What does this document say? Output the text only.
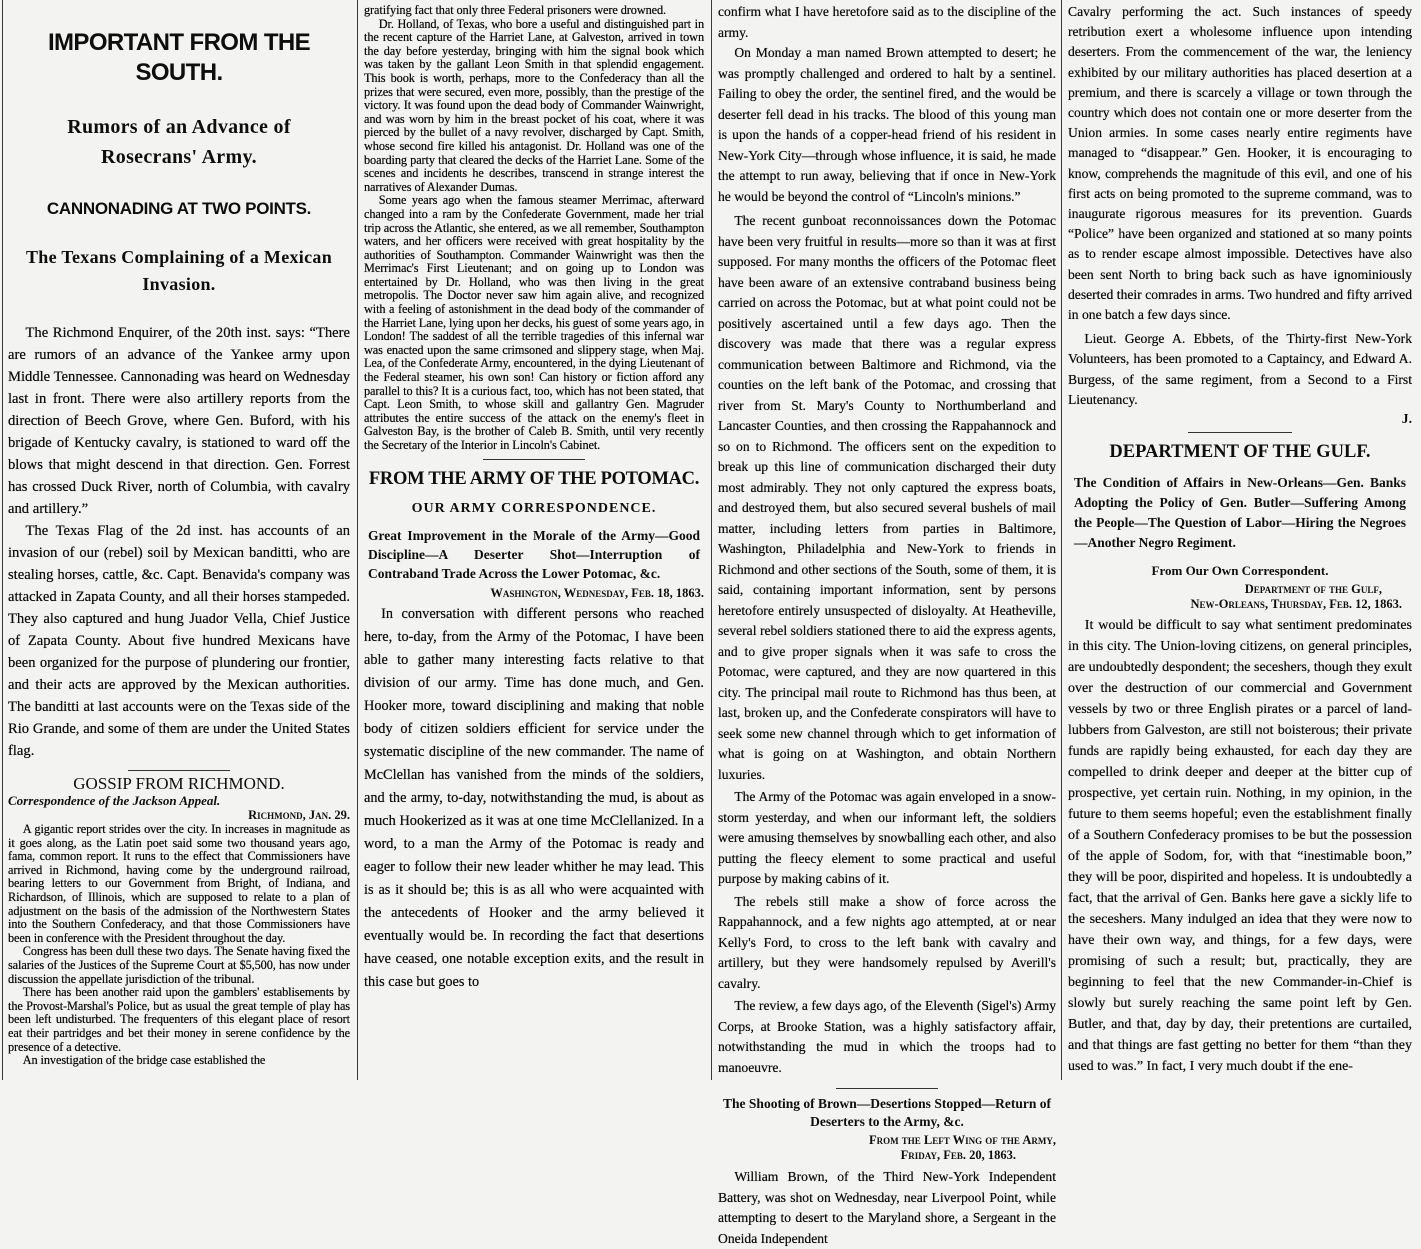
IMPORTANT FROM THE SOUTH.
Rumors of an Advance of Rosecrans' Army.
CANNONADING AT TWO POINTS.
The Texans Complaining of a Mexican Invasion.

The Richmond Enquirer, of the 20th inst. says: “There are rumors of an advance of the Yankee army upon Middle Tennessee. Cannonading was heard on Wednesday last in front. There were also artillery reports from the direction of Beech Grove, where Gen. Buford, with his brigade of Kentucky cavalry, is stationed to ward off the blows that might descend in that direction. Gen. Forrest has crossed Duck River, north of Columbia, with cavalry and artillery.”

The Texas Flag of the 2d inst. has accounts of an invasion of our (rebel) soil by Mexican banditti, who are stealing horses, cattle, &c. Capt. Benavida's company was attacked in Zapata County, and all their horses stampeded. They also captured and hung Juador Vella, Chief Justice of Zapata County. About five hundred Mexicans have been organized for the purpose of plundering our frontier, and their acts are approved by the Mexican authorities. The banditti at last accounts were on the Texas side of the Rio Grande, and some of them are under the United States flag.

GOSSIP FROM RICHMOND.
Correspondence of the Jackson Appeal.
Richmond, Jan. 29.

A gigantic report strides over the city. In increases in magnitude as it goes along, as the Latin poet said some two thousand years ago, fama, common report. It runs to the effect that Commissioners have arrived in Richmond, having come by the underground railroad, bearing letters to our Government from Bright, of Indiana, and Richardson, of Illinois, which are supposed to relate to a plan of adjustment on the basis of the admission of the Northwestern States into the Southern Confederacy, and that those Commissioners have been in conference with the President throughout the day.

Congress has been dull these two days. The Senate having fixed the salaries of the Justices of the Supreme Court at $5,500, has now under discussion the appellate jurisdiction of the tribunal.

There has been another raid upon the gamblers' establisements by the Provost-Marshal's Police, but as usual the great temple of play has been left undisturbed. The frequenters of this elegant place of resort eat their partridges and bet their money in serene confidence by the presence of a detective.

An investigation of the bridge case established the

gratifying fact that only three Federal prisoners were drowned.

Dr. Holland, of Texas, who bore a useful and distinguished part in the recent capture of the Harriet Lane, at Galveston, arrived in town the day before yesterday, bringing with him the signal book which was taken by the gallant Leon Smith in that splendid engagement. This book is worth, perhaps, more to the Confederacy than all the prizes that were secured, even more, possibly, than the prestige of the victory. It was found upon the dead body of Commander Wainwright, and was worn by him in the breast pocket of his coat, where it was pierced by the bullet of a navy revolver, discharged by Capt. Smith, whose second fire killed his antagonist. Dr. Holland was one of the boarding party that cleared the decks of the Harriet Lane. Some of the scenes and incidents he describes, transcend in strange interest the narratives of Alexander Dumas.

Some years ago when the famous steamer Merrimac, afterward changed into a ram by the Confederate Government, made her trial trip across the Atlantic, she entered, as we all remember, Southampton waters, and her officers were received with great hospitality by the authorities of Southampton. Commander Wainwright was then the Merrimac's First Lieutenant; and on going up to London was entertained by Dr. Holland, who was then living in the great metropolis. The Doctor never saw him again alive, and recognized with a feeling of astonishment in the dead body of the commander of the Harriet Lane, lying upon her decks, his guest of some years ago, in London! The saddest of all the terrible tragedies of this infernal war was enacted upon the same crimsoned and slippery stage, when Maj. Lea, of the Confederate Army, encountered, in the dying Lieutenant of the Federal steamer, his own son! Can history or fiction afford any parallel to this? It is a curious fact, too, which has not been stated, that Capt. Leon Smith, to whose skill and gallantry Gen. Magruder attributes the entire success of the attack on the enemy's fleet in Galveston Bay, is the brother of Caleb B. Smith, until very recently the Secretary of the Interior in Lincoln's Cabinet.

FROM THE ARMY OF THE POTOMAC.
OUR ARMY CORRESPONDENCE.
Great Improvement in the Morale of the Army—Good Discipline—A Deserter Shot—Interruption of Contraband Trade Across the Lower Potomac, &c.
Washington, Wednesday, Feb. 18, 1863.

In conversation with different persons who reached here, to-day, from the Army of the Potomac, I have been able to gather many interesting facts relative to that division of our army. Time has done much, and Gen. Hooker more, toward disciplining and making that noble body of citizen soldiers efficient for service under the systematic discipline of the new commander. The name of McClellan has vanished from the minds of the soldiers, and the army, to-day, notwithstanding the mud, is about as much Hookerized as it was at one time McClellanized. In a word, to a man the Army of the Potomac is ready and eager to follow their new leader whither he may lead. This is as it should be; this is as all who were acquainted with the antecedents of Hooker and the army believed it eventually would be. In recording the fact that desertions have ceased, one notable exception exits, and the result in this case but goes to

confirm what I have heretofore said as to the discipline of the army.

On Monday a man named Brown attempted to desert; he was promptly challenged and ordered to halt by a sentinel. Failing to obey the order, the sentinel fired, and the would be deserter fell dead in his tracks. The blood of this young man is upon the hands of a copper-head friend of his resident in New-York City—through whose influence, it is said, he made the attempt to run away, believing that if once in New-York he would be beyond the control of “Lincoln's minions.”

The recent gunboat reconnoissances down the Potomac have been very fruitful in results—more so than it was at first supposed. For many months the officers of the Potomac fleet have been aware of an extensive contraband business being carried on across the Potomac, but at what point could not be positively ascertained until a few days ago. Then the discovery was made that there was a regular express communication between Baltimore and Richmond, via the counties on the left bank of the Potomac, and crossing that river from St. Mary's County to Northumberland and Lancaster Counties, and then crossing the Rappahannock and so on to Richmond. The officers sent on the expedition to break up this line of communication discharged their duty most admirably. They not only captured the express boats, and destroyed them, but also secured several bushels of mail matter, including letters from parties in Baltimore, Washington, Philadelphia and New-York to friends in Richmond and other sections of the South, some of them, it is said, containing important information, sent by persons heretofore entirely unsuspected of disloyalty. At Heatheville, several rebel soldiers stationed there to aid the express agents, and to give proper signals when it was safe to cross the Potomac, were captured, and they are now quartered in this city. The principal mail route to Richmond has thus been, at last, broken up, and the Confederate conspirators will have to seek some new channel through which to get information of what is going on at Washington, and obtain Northern luxuries.

The Army of the Potomac was again enveloped in a snow-storm yesterday, and when our informant left, the soldiers were amusing themselves by snowballing each other, and also putting the fleecy element to some practical and useful purpose by making cabins of it.

The rebels still make a show of force across the Rappahannock, and a few nights ago attempted, at or near Kelly's Ford, to cross to the left bank with cavalry and artillery, but they were handsomely repulsed by Averill's cavalry.

The review, a few days ago, of the Eleventh (Sigel's) Army Corps, at Brooke Station, was a highly satisfactory affair, notwithstanding the mud in which the troops had to manoeuvre.

The Shooting of Brown—Desertions Stopped—Return of Deserters to the Army, &c.
From the Left Wing of the Army,
Friday, Feb. 20, 1863.

William Brown, of the Third New-York Independent Battery, was shot on Wednesday, near Liverpool Point, while attempting to desert to the Maryland shore, a Sergeant in the Oneida Independent

Cavalry performing the act. Such instances of speedy retribution exert a wholesome influence upon intending deserters. From the commencement of the war, the leniency exhibited by our military authorities has placed desertion at a premium, and there is scarcely a village or town through the country which does not contain one or more deserter from the Union armies. In some cases nearly entire regiments have managed to “disappear.” Gen. Hooker, it is encouraging to know, comprehends the magnitude of this evil, and one of his first acts on being promoted to the supreme command, was to inaugurate rigorous measures for its prevention. Guards “Police” have been organized and stationed at so many points as to render escape almost impossible. Detectives have also been sent North to bring back such as have ignominiously deserted their comrades in arms. Two hundred and fifty arrived in one batch a few days since.

Lieut. George A. Ebbets, of the Thirty-first New-York Volunteers, has been promoted to a Captaincy, and Edward A. Burgess, of the same regiment, from a Second to a First Lieutenancy.

J.
DEPARTMENT OF THE GULF.
The Condition of Affairs in New-Orleans—Gen. Banks Adopting the Policy of Gen. Butler—Suffering Among the People—The Question of Labor—Hiring the Negroes—Another Negro Regiment.
From Our Own Correspondent.
Department of the Gulf,
New-Orleans, Thursday, Feb. 12, 1863.

It would be difficult to say what sentiment predominates in this city. The Union-loving citizens, on general principles, are undoubtedly despondent; the seceshers, though they exult over the destruction of our commercial and Government vessels by two or three English pirates or a parcel of land-lubbers from Galveston, are still not boisterous; their private funds are rapidly being exhausted, for each day they are compelled to drink deeper and deeper at the bitter cup of prospective, yet certain ruin. Nothing, in my opinion, in the future to them seems hopeful; even the establishment finally of a Southern Confederacy promises to be but the possession of the apple of Sodom, for, with that “inestimable boon,” they will be poor, dispirited and hopeless. It is undoubtedly a fact, that the arrival of Gen. Banks here gave a sickly life to the seceshers. Many indulged an idea that they were now to have their own way, and things, for a few days, were promising of such a result; but, practically, they are beginning to feel that the new Commander-in-Chief is slowly but surely reaching the same point left by Gen. Butler, and that, day by day, their pretentions are curtailed, and that things are fast getting no better for them “than they used to was.” In fact, I very much doubt if the ene-
